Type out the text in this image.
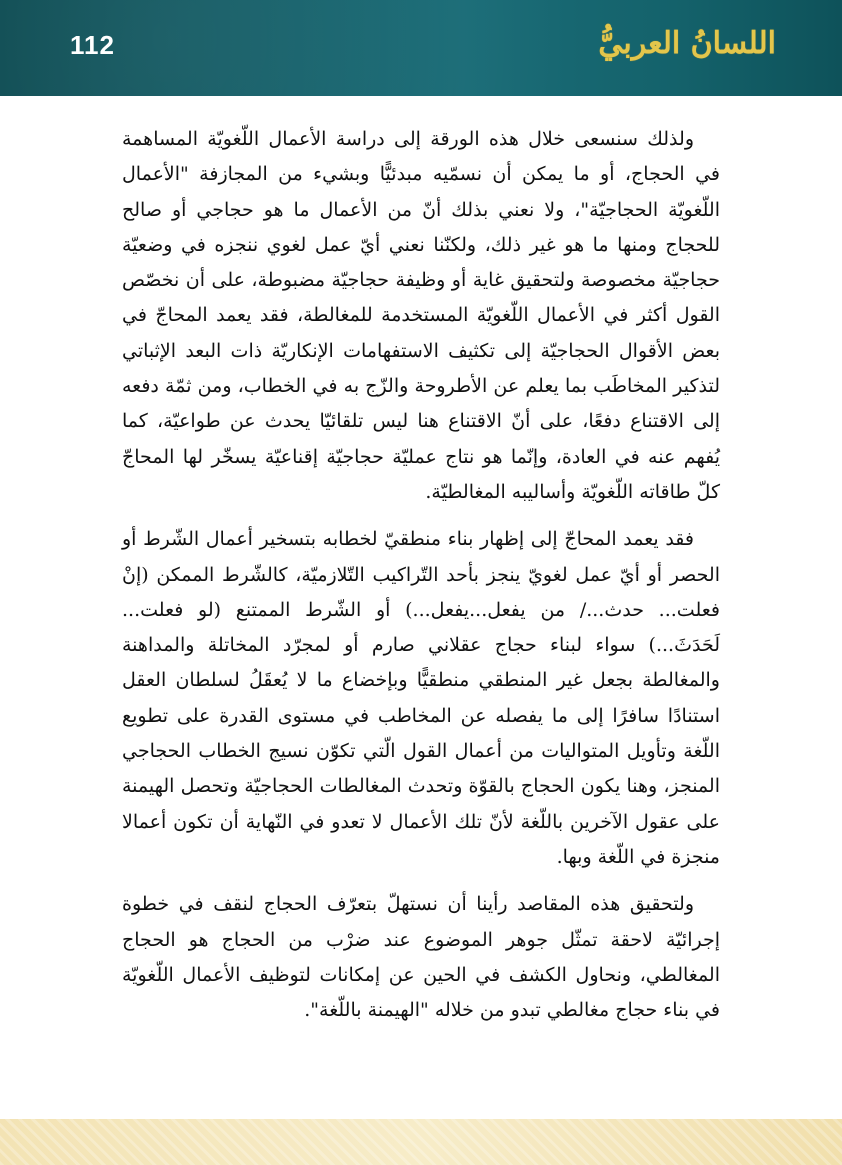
112	اللسانُ العربيُّ

ولذلك سنسعى خلال هذه الورقة إلى دراسة الأعمال اللّغويّة المساهمة في الحجاج، أو ما يمكن أن نسمّيه مبدئيًّا وبشيء من المجازفة "الأعمال اللّغويّة الحجاجيّة"، ولا نعني بذلك أنّ من الأعمال ما هو حجاجي أو صالح للحجاج ومنها ما هو غير ذلك، ولكنّنا نعني أيّ عمل لغوي ننجزه في وضعيّة حجاجيّة مخصوصة ولتحقيق غاية أو وظيفة حجاجيّة مضبوطة، على أن نخصّص القول أكثر في الأعمال اللّغويّة المستخدمة للمغالطة، فقد يعمد المحاجّ في بعض الأقوال الحجاجيّة إلى تكثيف الاستفهامات الإنكاريّة ذات البعد الإثباتي لتذكير المخاطَب بما يعلم عن الأطروحة والزّج به في الخطاب، ومن ثمّة دفعه إلى الاقتناع دفعًا، على أنّ الاقتناع هنا ليس تلقائيّا يحدث عن طواعيّة، كما يُفهم عنه في العادة، وإنّما هو نتاج عمليّة حجاجيّة إقناعيّة يسخّر لها المحاجّ كلّ طاقاته اللّغويّة وأساليبه المغالطيّة.

فقد يعمد المحاجّ إلى إظهار بناء منطقيّ لخطابه بتسخير أعمال الشّرط أو الحصر أو أيّ عمل لغويّ ينجز بأحد التّراكيب التّلازميّة، كالشّرط الممكن (إنْ فعلت... حدث.../ من يفعل...يفعل...) أو الشّرط الممتنع (لو فعلت... لَحَدَثَ...) سواء لبناء حجاج عقلاني صارم أو لمجرّد المخاتلة والمداهنة والمغالطة بجعل غير المنطقي منطقيًّا وبإخضاع ما لا يُعقَلُ لسلطان العقل استنادًا سافرًا إلى ما يفصله عن المخاطب في مستوى القدرة على تطويع اللّغة وتأويل المتواليات من أعمال القول الّتي تكوّن نسيج الخطاب الحجاجي المنجز، وهنا يكون الحجاج بالقوّة وتحدث المغالطات الحجاجيّة وتحصل الهيمنة على عقول الآخرين باللّغة لأنّ تلك الأعمال لا تعدو في النّهاية أن تكون أعمالا منجزة في اللّغة وبها.

ولتحقيق هذه المقاصد رأينا أن نستهلّ بتعرّف الحجاج لنقف في خطوة إجرائيّة لاحقة تمثّل جوهر الموضوع عند ضرْب من الحجاج هو الحجاج المغالطي، ونحاول الكشف في الحين عن إمكانات لتوظيف الأعمال اللّغويّة في بناء حجاج مغالطي تبدو من خلاله "الهيمنة باللّغة".
